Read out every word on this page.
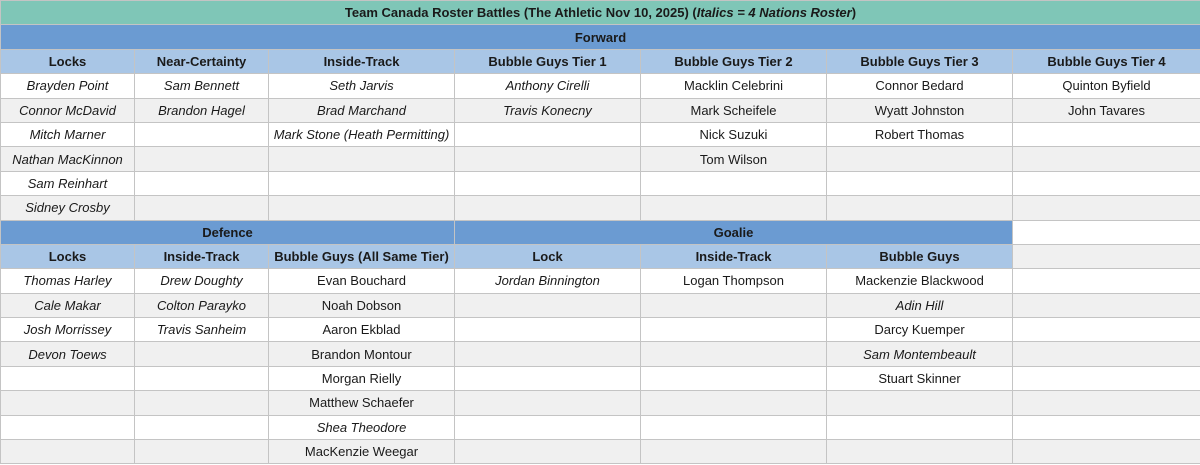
Team Canada Roster Battles (The Athletic Nov 10, 2025) (Italics = 4 Nations Roster)						
Forward						
Locks	Near-Certainty	Inside-Track	Bubble Guys Tier 1	Bubble Guys Tier 2	Bubble Guys Tier 3	Bubble Guys Tier 4
Brayden Point	Sam Bennett	Seth Jarvis	Anthony Cirelli	Macklin Celebrini	Connor Bedard	Quinton Byfield
Connor McDavid	Brandon Hagel	Brad Marchand	Travis Konecny	Mark Scheifele	Wyatt Johnston	John Tavares
Mitch Marner		Mark Stone (Heath Permitting)		Nick Suzuki	Robert Thomas	
Nathan MacKinnon				Tom Wilson		
Sam Reinhart						
Sidney Crosby						
Defence			Goalie			
Locks	Inside-Track	Bubble Guys (All Same Tier)	Lock	Inside-Track	Bubble Guys	
Thomas Harley	Drew Doughty	Evan Bouchard	Jordan Binnington	Logan Thompson	Mackenzie Blackwood	
Cale Makar	Colton Parayko	Noah Dobson			Adin Hill	
Josh Morrissey	Travis Sanheim	Aaron Ekblad			Darcy Kuemper	
Devon Toews		Brandon Montour			Sam Montembeault	
		Morgan Rielly			Stuart Skinner	
		Matthew Schaefer				
		Shea Theodore				
		MacKenzie Weegar				
